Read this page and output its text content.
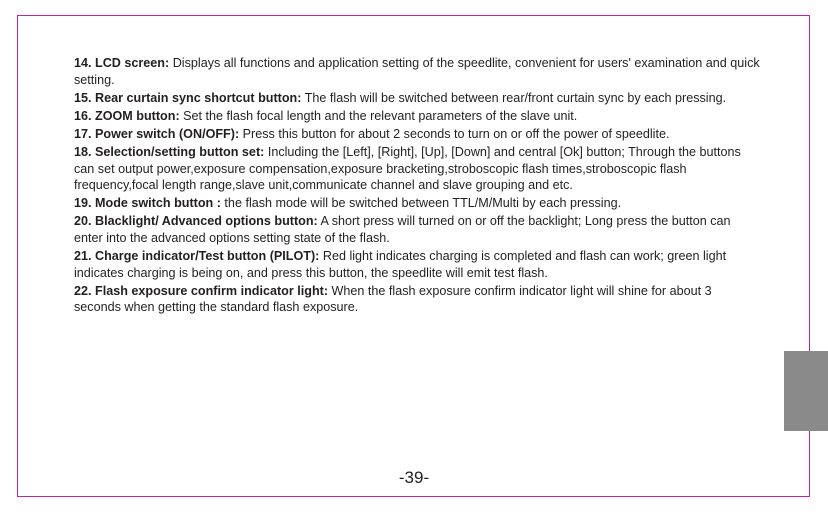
14. LCD screen: Displays all functions and application setting of the speedlite, convenient for users' examination and quick setting.

15. Rear curtain sync shortcut button: The flash will be switched between rear/front curtain sync by each pressing.

16. ZOOM button: Set the flash focal length and the relevant parameters of the slave unit.

17. Power switch (ON/OFF): Press this button for about 2 seconds to turn on or off the power of speedlite.

18. Selection/setting button set: Including the [Left], [Right], [Up], [Down] and central [Ok] button; Through the buttons can set output power,exposure compensation,exposure bracketing,stroboscopic flash times,stroboscopic flash frequency,focal length range,slave unit,communicate channel and slave grouping and etc.

19. Mode switch button : the flash mode will be switched between TTL/M/Multi by each pressing.

20. Blacklight/ Advanced options button: A short press will turned on or off the backlight; Long press the button can enter into the advanced options setting state of the flash.

21. Charge indicator/Test button (PILOT): Red light indicates charging is completed and flash can work; green light indicates charging is being on, and press this button, the speedlite will emit test flash.

22. Flash exposure confirm indicator light: When the flash exposure confirm indicator light will shine for about 3 seconds when getting the standard flash exposure.

-39-
